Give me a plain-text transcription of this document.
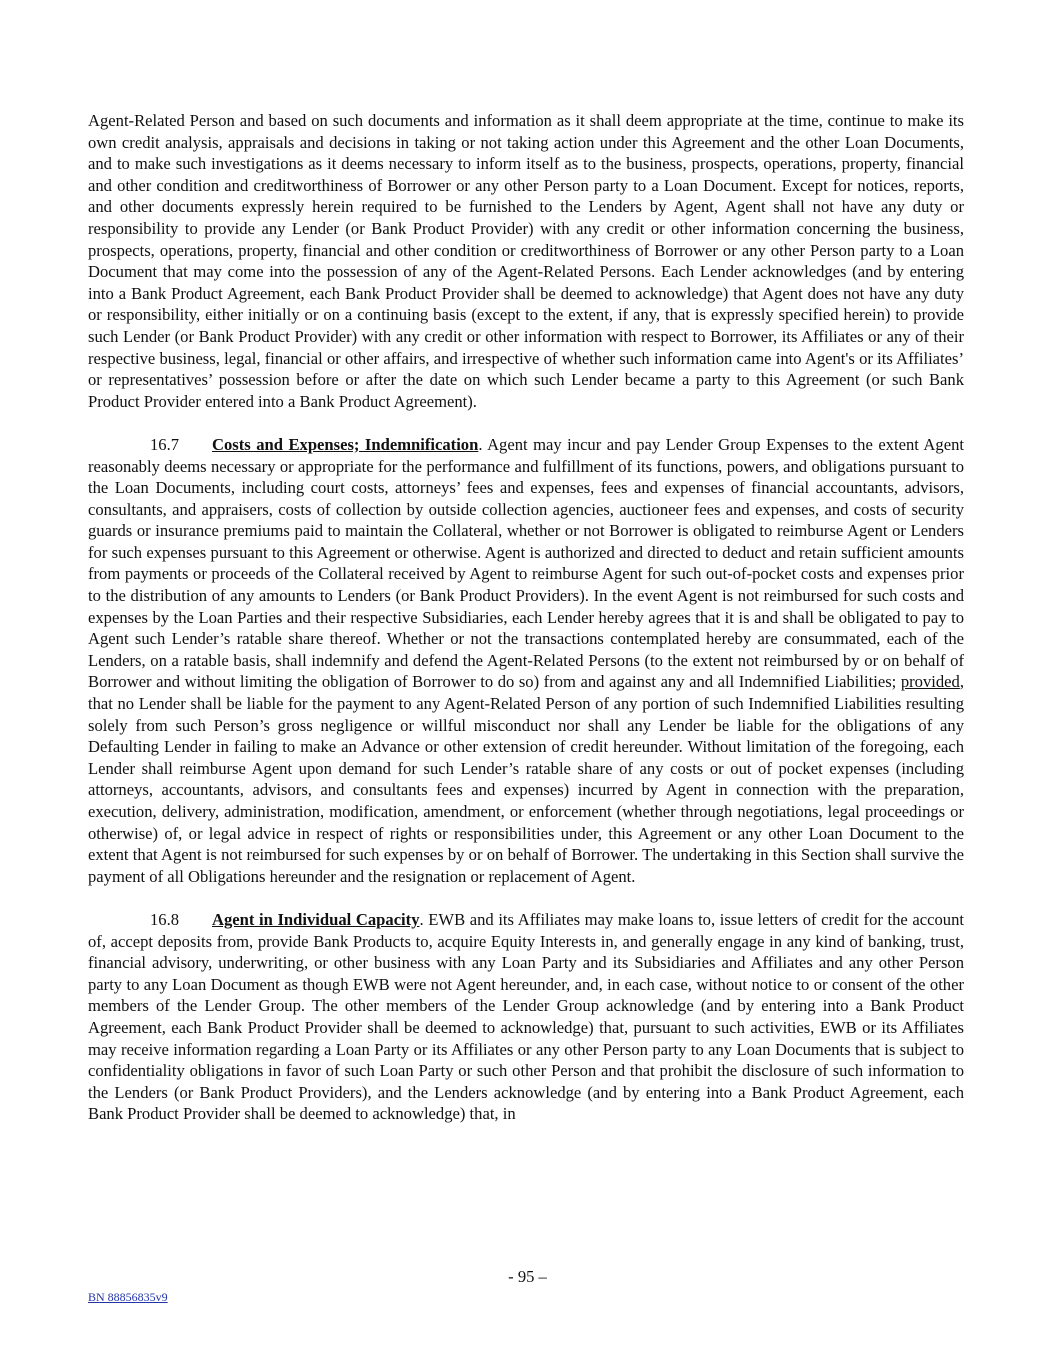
Agent-Related Person and based on such documents and information as it shall deem appropriate at the time, continue to make its own credit analysis, appraisals and decisions in taking or not taking action under this Agreement and the other Loan Documents, and to make such investigations as it deems necessary to inform itself as to the business, prospects, operations, property, financial and other condition and creditworthiness of Borrower or any other Person party to a Loan Document. Except for notices, reports, and other documents expressly herein required to be furnished to the Lenders by Agent, Agent shall not have any duty or responsibility to provide any Lender (or Bank Product Provider) with any credit or other information concerning the business, prospects, operations, property, financial and other condition or creditworthiness of Borrower or any other Person party to a Loan Document that may come into the possession of any of the Agent-Related Persons. Each Lender acknowledges (and by entering into a Bank Product Agreement, each Bank Product Provider shall be deemed to acknowledge) that Agent does not have any duty or responsibility, either initially or on a continuing basis (except to the extent, if any, that is expressly specified herein) to provide such Lender (or Bank Product Provider) with any credit or other information with respect to Borrower, its Affiliates or any of their respective business, legal, financial or other affairs, and irrespective of whether such information came into Agent's or its Affiliates’ or representatives’ possession before or after the date on which such Lender became a party to this Agreement (or such Bank Product Provider entered into a Bank Product Agreement).

16.7 Costs and Expenses; Indemnification. Agent may incur and pay Lender Group Expenses to the extent Agent reasonably deems necessary or appropriate for the performance and fulfillment of its functions, powers, and obligations pursuant to the Loan Documents, including court costs, attorneys’ fees and expenses, fees and expenses of financial accountants, advisors, consultants, and appraisers, costs of collection by outside collection agencies, auctioneer fees and expenses, and costs of security guards or insurance premiums paid to maintain the Collateral, whether or not Borrower is obligated to reimburse Agent or Lenders for such expenses pursuant to this Agreement or otherwise. Agent is authorized and directed to deduct and retain sufficient amounts from payments or proceeds of the Collateral received by Agent to reimburse Agent for such out-of-pocket costs and expenses prior to the distribution of any amounts to Lenders (or Bank Product Providers). In the event Agent is not reimbursed for such costs and expenses by the Loan Parties and their respective Subsidiaries, each Lender hereby agrees that it is and shall be obligated to pay to Agent such Lender’s ratable share thereof. Whether or not the transactions contemplated hereby are consummated, each of the Lenders, on a ratable basis, shall indemnify and defend the Agent-Related Persons (to the extent not reimbursed by or on behalf of Borrower and without limiting the obligation of Borrower to do so) from and against any and all Indemnified Liabilities; provided, that no Lender shall be liable for the payment to any Agent-Related Person of any portion of such Indemnified Liabilities resulting solely from such Person’s gross negligence or willful misconduct nor shall any Lender be liable for the obligations of any Defaulting Lender in failing to make an Advance or other extension of credit hereunder. Without limitation of the foregoing, each Lender shall reimburse Agent upon demand for such Lender’s ratable share of any costs or out of pocket expenses (including attorneys, accountants, advisors, and consultants fees and expenses) incurred by Agent in connection with the preparation, execution, delivery, administration, modification, amendment, or enforcement (whether through negotiations, legal proceedings or otherwise) of, or legal advice in respect of rights or responsibilities under, this Agreement or any other Loan Document to the extent that Agent is not reimbursed for such expenses by or on behalf of Borrower. The undertaking in this Section shall survive the payment of all Obligations hereunder and the resignation or replacement of Agent.

16.8 Agent in Individual Capacity. EWB and its Affiliates may make loans to, issue letters of credit for the account of, accept deposits from, provide Bank Products to, acquire Equity Interests in, and generally engage in any kind of banking, trust, financial advisory, underwriting, or other business with any Loan Party and its Subsidiaries and Affiliates and any other Person party to any Loan Document as though EWB were not Agent hereunder, and, in each case, without notice to or consent of the other members of the Lender Group. The other members of the Lender Group acknowledge (and by entering into a Bank Product Agreement, each Bank Product Provider shall be deemed to acknowledge) that, pursuant to such activities, EWB or its Affiliates may receive information regarding a Loan Party or its Affiliates or any other Person party to any Loan Documents that is subject to confidentiality obligations in favor of such Loan Party or such other Person and that prohibit the disclosure of such information to the Lenders (or Bank Product Providers), and the Lenders acknowledge (and by entering into a Bank Product Agreement, each Bank Product Provider shall be deemed to acknowledge) that, in

- 95 –
BN 88856835v9
